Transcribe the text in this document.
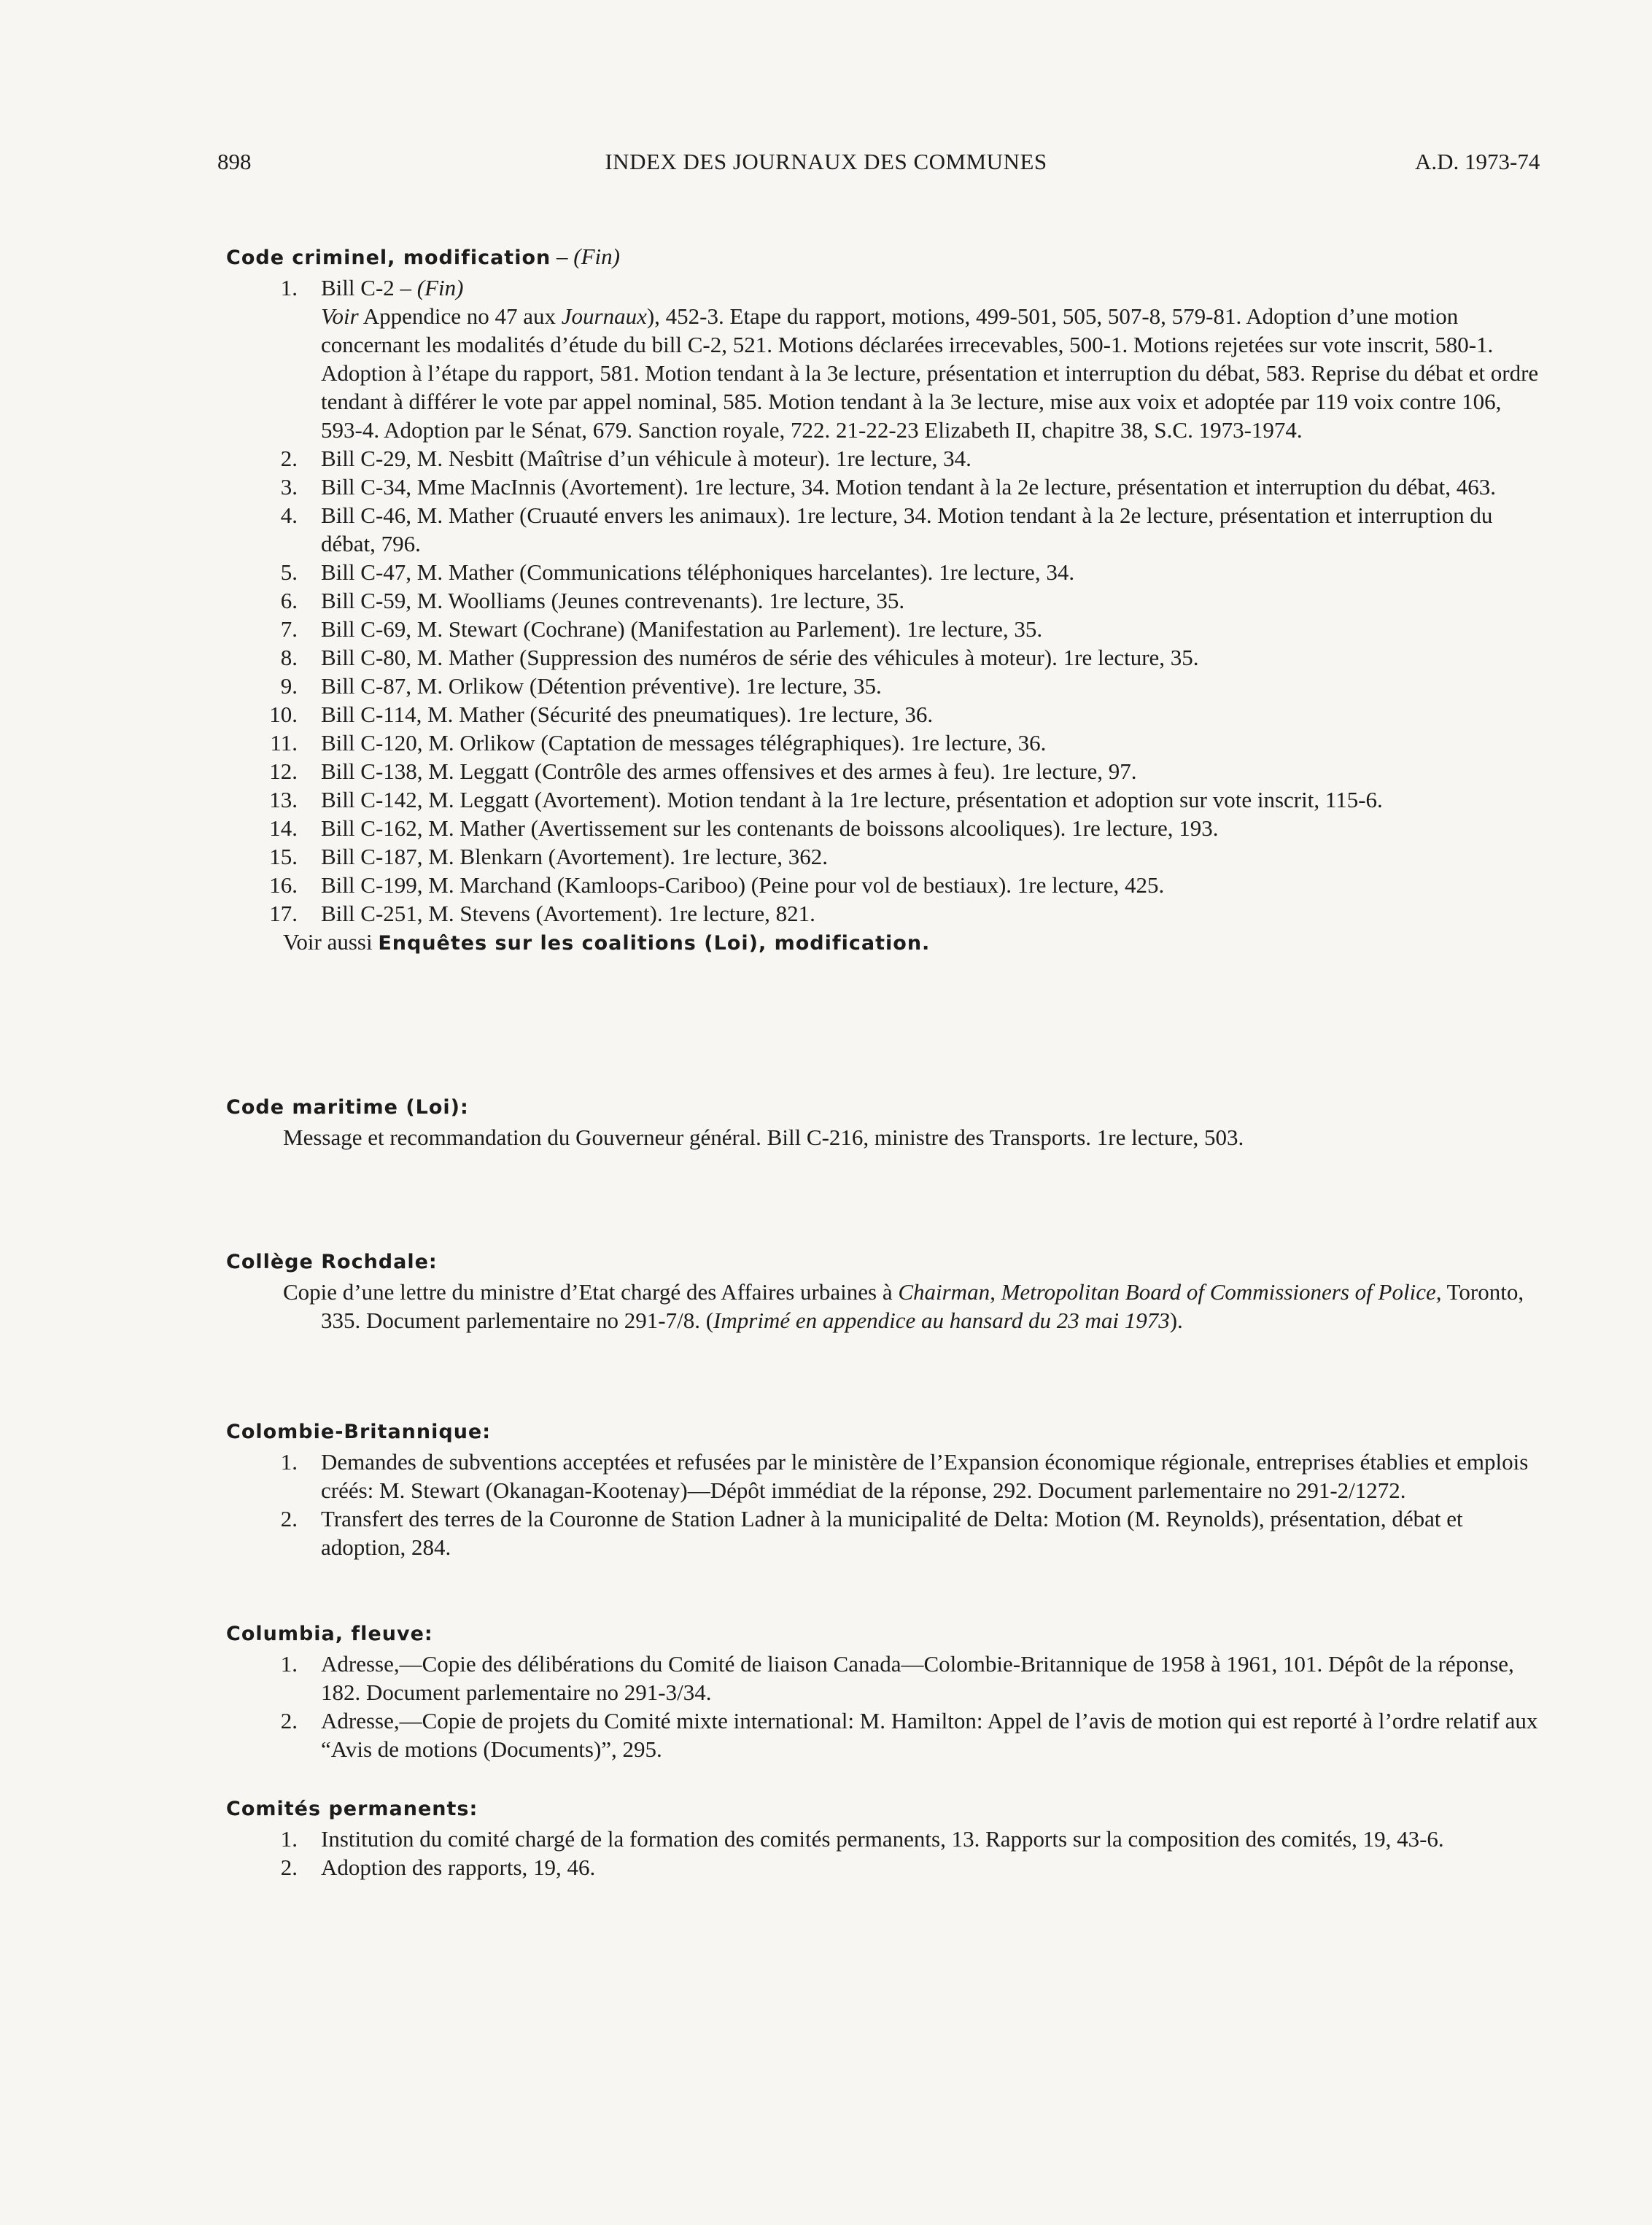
898	INDEX DES JOURNAUX DES COMMUNES	A.D. 1973-74
Code criminel, modification – (Fin)
1. Bill C-2 – (Fin)
Voir Appendice no 47 aux Journaux), 452-3. Etape du rapport, motions, 499-501, 505, 507-8, 579-81. Adoption d’une motion concernant les modalités d’étude du bill C-2, 521. Motions déclarées irrecevables, 500-1. Motions rejetées sur vote inscrit, 580-1. Adoption à l’étape du rapport, 581. Motion tendant à la 3e lecture, présentation et interruption du débat, 583. Reprise du débat et ordre tendant à différer le vote par appel nominal, 585. Motion tendant à la 3e lecture, mise aux voix et adoptée par 119 voix contre 106, 593-4. Adoption par le Sénat, 679. Sanction royale, 722. 21-22-23 Elizabeth II, chapitre 38, S.C. 1973-1974.
2. Bill C-29, M. Nesbitt (Maîtrise d’un véhicule à moteur). 1re lecture, 34.
3. Bill C-34, Mme MacInnis (Avortement). 1re lecture, 34. Motion tendant à la 2e lecture, présentation et interruption du débat, 463.
4. Bill C-46, M. Mather (Cruauté envers les animaux). 1re lecture, 34. Motion tendant à la 2e lecture, présentation et interruption du débat, 796.
5. Bill C-47, M. Mather (Communications téléphoniques harcelantes). 1re lecture, 34.
6. Bill C-59, M. Woolliams (Jeunes contrevenants). 1re lecture, 35.
7. Bill C-69, M. Stewart (Cochrane) (Manifestation au Parlement). 1re lecture, 35.
8. Bill C-80, M. Mather (Suppression des numéros de série des véhicules à moteur). 1re lecture, 35.
9. Bill C-87, M. Orlikow (Détention préventive). 1re lecture, 35.
10. Bill C-114, M. Mather (Sécurité des pneumatiques). 1re lecture, 36.
11. Bill C-120, M. Orlikow (Captation de messages télégraphiques). 1re lecture, 36.
12. Bill C-138, M. Leggatt (Contrôle des armes offensives et des armes à feu). 1re lecture, 97.
13. Bill C-142, M. Leggatt (Avortement). Motion tendant à la 1re lecture, présentation et adoption sur vote inscrit, 115-6.
14. Bill C-162, M. Mather (Avertissement sur les contenants de boissons alcooliques). 1re lecture, 193.
15. Bill C-187, M. Blenkarn (Avortement). 1re lecture, 362.
16. Bill C-199, M. Marchand (Kamloops-Cariboo) (Peine pour vol de bestiaux). 1re lecture, 425.
17. Bill C-251, M. Stevens (Avortement). 1re lecture, 821.
Voir aussi Enquêtes sur les coalitions (Loi), modification.
Code maritime (Loi):
Message et recommandation du Gouverneur général. Bill C-216, ministre des Transports. 1re lecture, 503.
Collège Rochdale:
Copie d’une lettre du ministre d’Etat chargé des Affaires urbaines à Chairman, Metropolitan Board of Commissioners of Police, Toronto, 335. Document parlementaire no 291-7/8. (Imprimé en appendice au hansard du 23 mai 1973).
Colombie-Britannique:
1. Demandes de subventions acceptées et refusées par le ministère de l’Expansion économique régionale, entreprises établies et emplois créés: M. Stewart (Okanagan-Kootenay)—Dépôt immédiat de la réponse, 292. Document parlementaire no 291-2/1272.
2. Transfert des terres de la Couronne de Station Ladner à la municipalité de Delta: Motion (M. Reynolds), présentation, débat et adoption, 284.
Columbia, fleuve:
1. Adresse,—Copie des délibérations du Comité de liaison Canada—Colombie-Britannique de 1958 à 1961, 101. Dépôt de la réponse, 182. Document parlementaire no 291-3/34.
2. Adresse,—Copie de projets du Comité mixte international: M. Hamilton: Appel de l’avis de motion qui est reporté à l’ordre relatif aux “Avis de motions (Documents)”, 295.
Comités permanents:
1. Institution du comité chargé de la formation des comités permanents, 13. Rapports sur la composition des comités, 19, 43-6.
2. Adoption des rapports, 19, 46.
